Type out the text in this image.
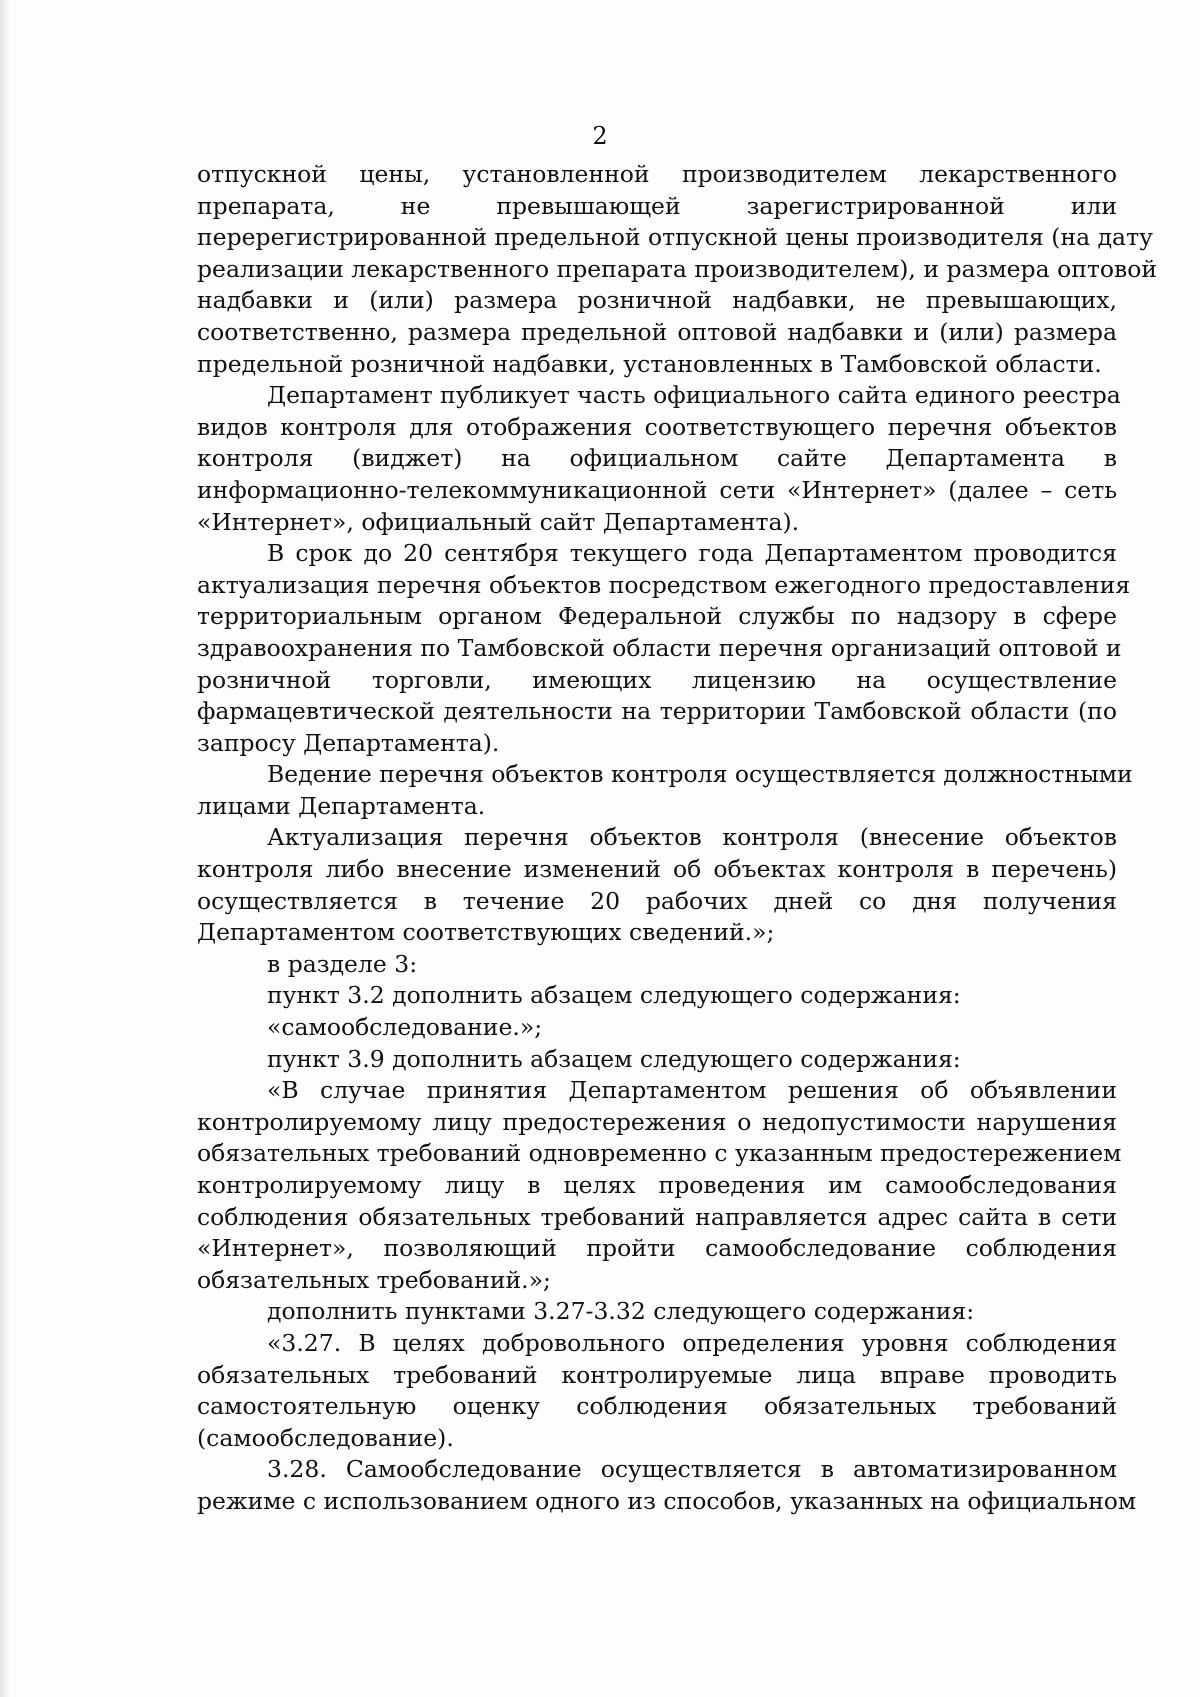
2
отпускной цены, установленной производителем лекарственного
препарата, не превышающей зарегистрированной или
перерегистрированной предельной отпускной цены производителя (на дату
реализации лекарственного препарата производителем), и размера оптовой
надбавки и (или) размера розничной надбавки, не превышающих,
соответственно, размера предельной оптовой надбавки и (или) размера
предельной розничной надбавки, установленных в Тамбовской области.
Департамент публикует часть официального сайта единого реестра
видов контроля для отображения соответствующего перечня объектов
контроля (виджет) на официальном сайте Департамента в
информационно-телекоммуникационной сети «Интернет» (далее – сеть
«Интернет», официальный сайт Департамента).
В срок до 20 сентября текущего года Департаментом проводится
актуализация перечня объектов посредством ежегодного предоставления
территориальным органом Федеральной службы по надзору в сфере
здравоохранения по Тамбовской области перечня организаций оптовой и
розничной торговли, имеющих лицензию на осуществление
фармацевтической деятельности на территории Тамбовской области (по
запросу Департамента).
Ведение перечня объектов контроля осуществляется должностными
лицами Департамента.
Актуализация перечня объектов контроля (внесение объектов
контроля либо внесение изменений об объектах контроля в перечень)
осуществляется в течение 20 рабочих дней со дня получения
Департаментом соответствующих сведений.»;
в разделе 3:
пункт 3.2 дополнить абзацем следующего содержания:
«самообследование.»;
пункт 3.9 дополнить абзацем следующего содержания:
«В случае принятия Департаментом решения об объявлении
контролируемому лицу предостережения о недопустимости нарушения
обязательных требований одновременно с указанным предостережением
контролируемому лицу в целях проведения им самообследования
соблюдения обязательных требований направляется адрес сайта в сети
«Интернет», позволяющий пройти самообследование соблюдения
обязательных требований.»;
дополнить пунктами 3.27-3.32 следующего содержания:
«3.27. В целях добровольного определения уровня соблюдения
обязательных требований контролируемые лица вправе проводить
самостоятельную оценку соблюдения обязательных требований
(самообследование).
3.28. Самообследование осуществляется в автоматизированном
режиме с использованием одного из способов, указанных на официальном
